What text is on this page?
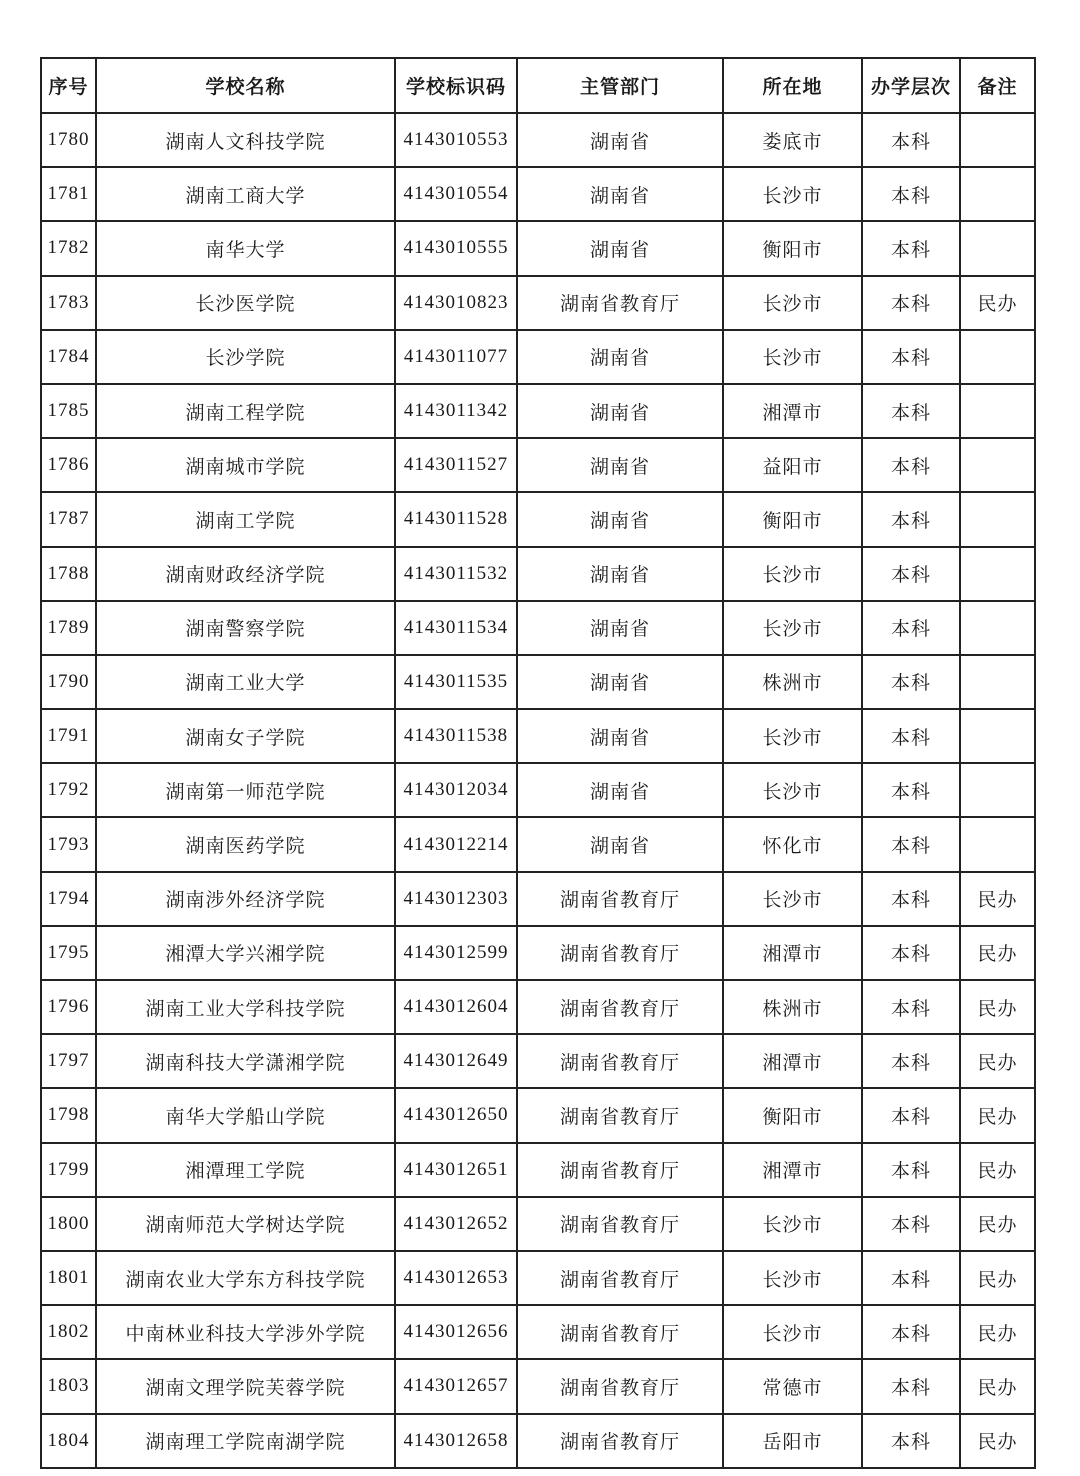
序号	学校名称	学校标识码	主管部门	所在地	办学层次	备注
1780	湖南人文科技学院	4143010553	湖南省	娄底市	本科	
1781	湖南工商大学	4143010554	湖南省	长沙市	本科	
1782	南华大学	4143010555	湖南省	衡阳市	本科	
1783	长沙医学院	4143010823	湖南省教育厅	长沙市	本科	民办
1784	长沙学院	4143011077	湖南省	长沙市	本科	
1785	湖南工程学院	4143011342	湖南省	湘潭市	本科	
1786	湖南城市学院	4143011527	湖南省	益阳市	本科	
1787	湖南工学院	4143011528	湖南省	衡阳市	本科	
1788	湖南财政经济学院	4143011532	湖南省	长沙市	本科	
1789	湖南警察学院	4143011534	湖南省	长沙市	本科	
1790	湖南工业大学	4143011535	湖南省	株洲市	本科	
1791	湖南女子学院	4143011538	湖南省	长沙市	本科	
1792	湖南第一师范学院	4143012034	湖南省	长沙市	本科	
1793	湖南医药学院	4143012214	湖南省	怀化市	本科	
1794	湖南涉外经济学院	4143012303	湖南省教育厅	长沙市	本科	民办
1795	湘潭大学兴湘学院	4143012599	湖南省教育厅	湘潭市	本科	民办
1796	湖南工业大学科技学院	4143012604	湖南省教育厅	株洲市	本科	民办
1797	湖南科技大学潇湘学院	4143012649	湖南省教育厅	湘潭市	本科	民办
1798	南华大学船山学院	4143012650	湖南省教育厅	衡阳市	本科	民办
1799	湘潭理工学院	4143012651	湖南省教育厅	湘潭市	本科	民办
1800	湖南师范大学树达学院	4143012652	湖南省教育厅	长沙市	本科	民办
1801	湖南农业大学东方科技学院	4143012653	湖南省教育厅	长沙市	本科	民办
1802	中南林业科技大学涉外学院	4143012656	湖南省教育厅	长沙市	本科	民办
1803	湖南文理学院芙蓉学院	4143012657	湖南省教育厅	常德市	本科	民办
1804	湖南理工学院南湖学院	4143012658	湖南省教育厅	岳阳市	本科	民办
